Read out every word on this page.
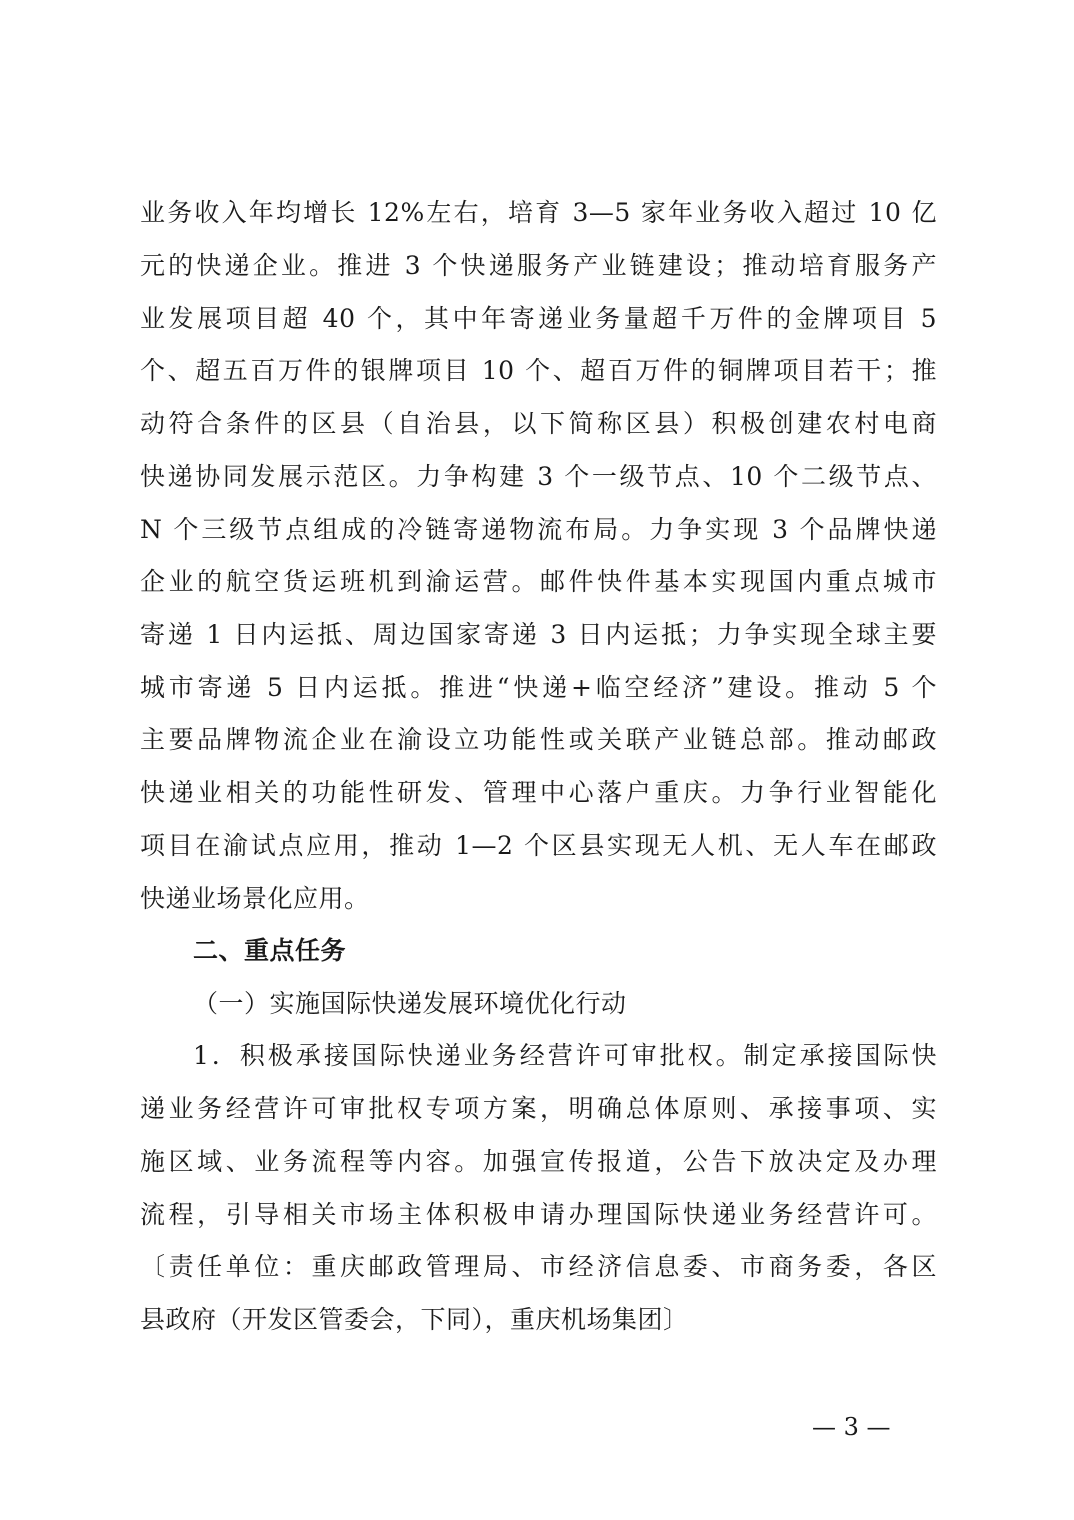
业务收入年均增长 12%左右，培育 3—5 家年业务收入超过 10 亿
元的快递企业。推进 3 个快递服务产业链建设；推动培育服务产
业发展项目超 40 个，其中年寄递业务量超千万件的金牌项目 5
个、超五百万件的银牌项目 10 个、超百万件的铜牌项目若干；推
动符合条件的区县（自治县，以下简称区县）积极创建农村电商
快递协同发展示范区。力争构建 3 个一级节点、10 个二级节点、
N 个三级节点组成的冷链寄递物流布局。力争实现 3 个品牌快递
企业的航空货运班机到渝运营。邮件快件基本实现国内重点城市
寄递 1 日内运抵、周边国家寄递 3 日内运抵；力争实现全球主要
城市寄递 5 日内运抵。推进“快递+临空经济”建设。推动 5 个
主要品牌物流企业在渝设立功能性或关联产业链总部。推动邮政
快递业相关的功能性研发、管理中心落户重庆。力争行业智能化
项目在渝试点应用，推动 1—2 个区县实现无人机、无人车在邮政
快递业场景化应用。
二、重点任务
（一）实施国际快递发展环境优化行动
1．积极承接国际快递业务经营许可审批权。制定承接国际快
递业务经营许可审批权专项方案，明确总体原则、承接事项、实
施区域、业务流程等内容。加强宣传报道，公告下放决定及办理
流程，引导相关市场主体积极申请办理国际快递业务经营许可。
〔责任单位：重庆邮政管理局、市经济信息委、市商务委，各区
县政府（开发区管委会，下同），重庆机场集团〕
— 3 —
